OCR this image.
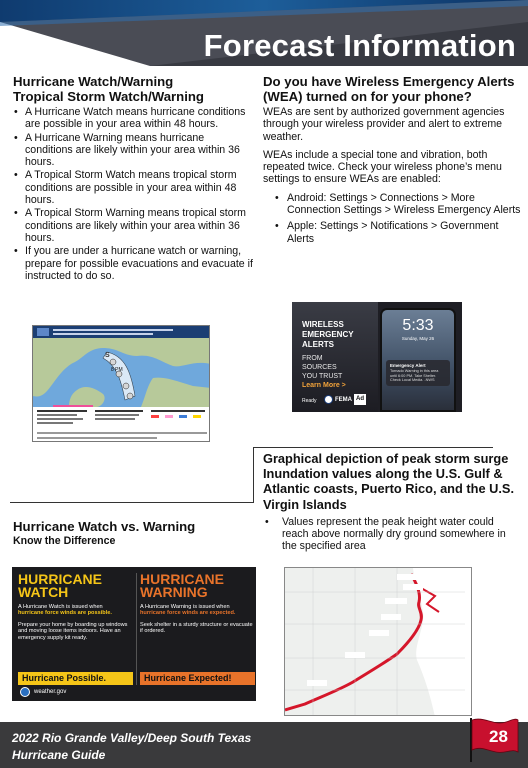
Forecast Information
Hurricane Watch/Warning
Tropical Storm Watch/Warning
• A Hurricane Watch means hurricane conditions are possible in your area within 48 hours.
• A Hurricane Warning means hurricane conditions are likely within your area within 36 hours.
• A Tropical Storm Watch means tropical storm conditions are possible in your area within 48 hours.
• A Tropical Storm Warning means tropical storm conditions are likely within your area within 36 hours.
• If you are under a hurricane watch or warning, prepare for possible evacuations and evacuate if instructed to do so.
Do you have Wireless Emergency Alerts (WEA) turned on for your phone?

WEAs are sent by authorized government agencies through your wireless provider and alert to extreme weather.

WEAs include a special tone and vibration, both repeated twice. Check your wireless phone’s menu settings to ensure WEAs are enabled:

• Android: Settings > Connections > More Connection Settings > Wireless Emergency Alerts
• Apple: Settings > Notifications > Government Alerts
S
8 PM
WIRELESS
EMERGENCY
ALERTS
FROM
SOURCES
YOU TRUST
Learn More >
Ready	FEMA Ad
5:33
Sunday, May 26
Emergency Alert
Tornado Warning in this area until 6:00 PM. Take Shelter. Check Local Media. -NWS
Graphical depiction of peak storm surge Inundation values along the U.S. Gulf & Atlantic coasts, Puerto Rico, and the U.S. Virgin Islands
• Values represent the peak height water could reach above normally dry ground somewhere in the specified area
Hurricane Watch vs. Warning
Know the Difference
HURRICANE
WATCH
A Hurricane Watch is issued when
hurricane force winds are possible.
Prepare your home by boarding up windows and moving loose items indoors. Have an emergency supply kit ready.
Hurricane Possible.
HURRICANE
WARNING
A Hurricane Warning is issued when
hurricane force winds are expected.
Seek shelter in a sturdy structure or evacuate if ordered.
Hurricane Expected!
weather.gov
2022 Rio Grande Valley/Deep South Texas
Hurricane Guide
28
